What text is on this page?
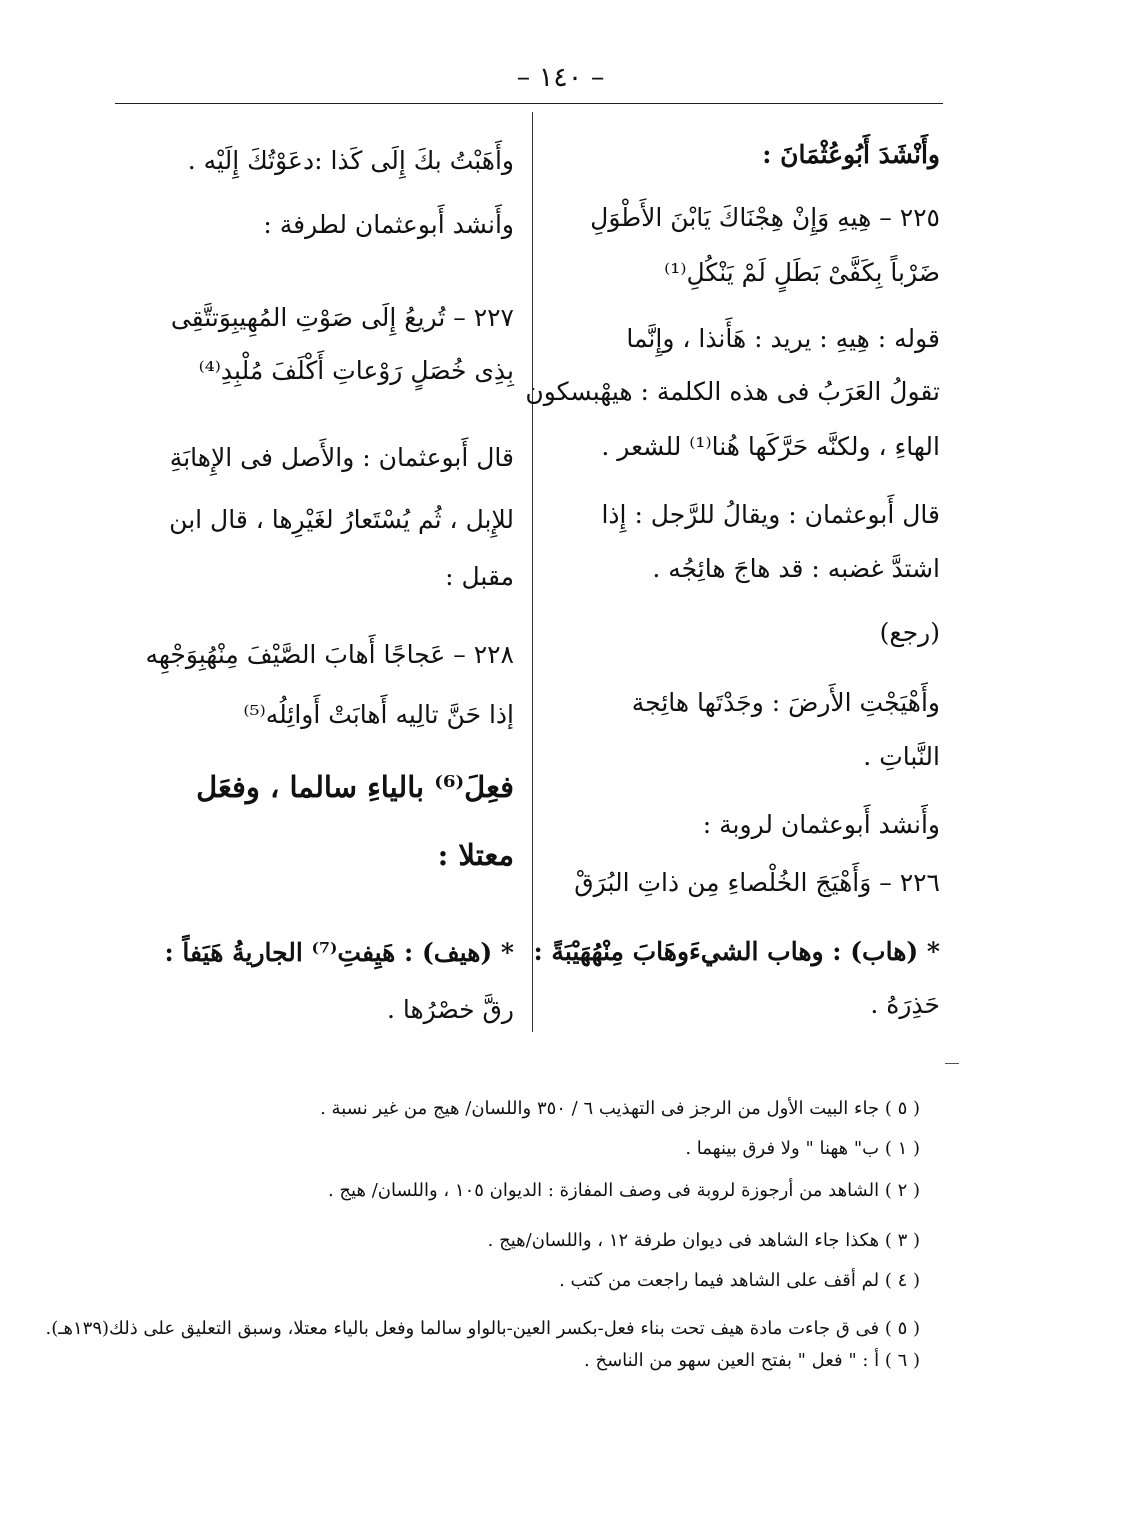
– ١٤٠ –

وأَنْشَدَ أَبُوعُثْمَانَ :

٢٢٥ – هِيهِ وَإِنْ هِجْنَاكَ يَابْنَ الأَطْوَلِ

ضَرْباً بِكَفَّىْ بَطَلٍ لَمْ يَنْكُلِ⁽¹⁾

قوله : هِيهِ : يريد : هَأَنذا ، وإِنَّما

تقولُ العَرَبُ فى هذه الكلمة : هيهْبسكون

الهاءِ ، ولكنَّه حَرَّكَها هُنا⁽¹⁾ للشعر .

قال أَبوعثمان : ويقالُ للرَّجل : إِذا

اشتدَّ غضبه : قد هاجَ هائِجُه .

(رجع)

وأَهْيَجْتِ الأَرضَ : وجَدْتَها هائِجة

النَّباتِ .

وأَنشد أَبوعثمان لروبة :

٢٢٦ – وَأَهْيَجَ الخُلْصاءِ مِن ذاتِ البُرَقْ

* (هاب) : وهاب الشيءَوهَابَ مِنْهُهَيْبَةً :

حَذِرَهُ .

وأَهَبْتُ بكَ إِلَى كَذا :دعَوْتُكَ إِلَيْه .

وأَنشد أَبوعثمان لطرفة :

٢٢٧ – تُريعُ إِلَى صَوْتِ المُهِيبِوَتتَّقِى

بِذِى خُصَلٍ رَوْعاتِ أَكْلَفَ مُلْبِدِ⁽⁴⁾

قال أَبوعثمان : والأَصل فى الإِهابَةِ

للإِبل ، ثُم يُسْتَعارُ لغَيْرِها ، قال ابن

مقبل :

٢٢٨ – عَجاجًا أَهابَ الصَّيْفَ مِنْهُبِوَجْهِه

إذا حَنَّ تالِيه أَهابَتْ أَوائِلُه⁽⁵⁾

فعِلَ⁽⁶⁾ بالياءِ سالما ، وفعَل

معتلا :

* (هيف) : هَيِفتِ⁽⁷⁾ الجاريةُ هَيَفاً :

رقَّ خصْرُها .

( ٥ ) جاء البيت الأول من الرجز فى التهذيب ٦ / ٣٥٠ واللسان/ هيج من غير نسبة .

( ١ ) ب" ههنا " ولا فرق بينهما .

( ٢ ) الشاهد من أرجوزة لروبة فى وصف المفازة : الديوان ١٠٥ ، واللسان/ هيج .

( ٣ ) هكذا جاء الشاهد فى ديوان طرفة ١٢ ، واللسان/هيج .

( ٤ ) لم أقف على الشاهد فيما راجعت من كتب .

( ٥ ) فى ق جاءت مادة هيف تحت بناء فعل-بكسر العين-بالواو سالما وفعل بالياء معتلا، وسبق التعليق على ذلك(١٣٩هـ).

( ٦ ) أ : " فعل " بفتح العين سهو من الناسخ .
